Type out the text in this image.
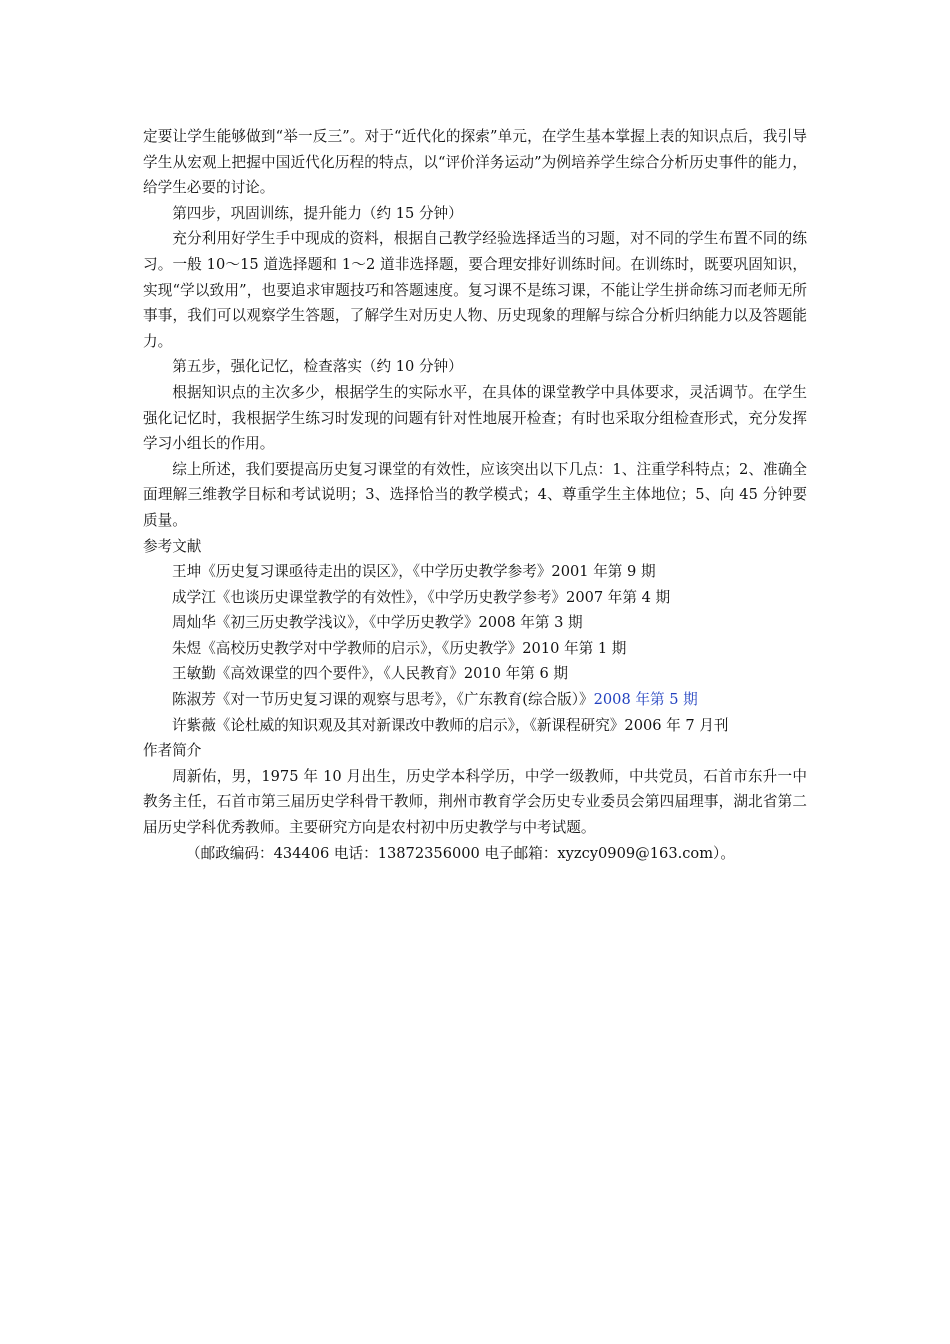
定要让学生能够做到“举一反三”。对于“近代化的探索”单元，在学生基本掌握上表的知识点后，我引导学生从宏观上把握中国近代化历程的特点，以“评价洋务运动”为例培养学生综合分析历史事件的能力，给学生必要的讨论。

第四步，巩固训练，提升能力（约 15 分钟）

充分利用好学生手中现成的资料，根据自己教学经验选择适当的习题，对不同的学生布置不同的练习。一般 10～15 道选择题和 1～2 道非选择题，要合理安排好训练时间。在训练时，既要巩固知识，实现“学以致用”，也要追求审题技巧和答题速度。复习课不是练习课，不能让学生拼命练习而老师无所事事，我们可以观察学生答题，了解学生对历史人物、历史现象的理解与综合分析归纳能力以及答题能力。

第五步，强化记忆，检查落实（约 10 分钟）

根据知识点的主次多少，根据学生的实际水平，在具体的课堂教学中具体要求，灵活调节。在学生强化记忆时，我根据学生练习时发现的问题有针对性地展开检查；有时也采取分组检查形式，充分发挥学习小组长的作用。

综上所述，我们要提高历史复习课堂的有效性，应该突出以下几点：1、注重学科特点；2、准确全面理解三维教学目标和考试说明；3、选择恰当的教学模式；4、尊重学生主体地位；5、向 45 分钟要质量。

参考文献

王坤《历史复习课亟待走出的误区》，《中学历史教学参考》2001 年第 9 期

成学江《也谈历史课堂教学的有效性》，《中学历史教学参考》2007 年第 4 期

周灿华《初三历史教学浅议》，《中学历史教学》2008 年第 3 期

朱煜《高校历史教学对中学教师的启示》，《历史教学》2010 年第 1 期

王敏勤《高效课堂的四个要件》，《人民教育》2010 年第 6 期

陈淑芳《对一节历史复习课的观察与思考》，《广东教育(综合版）》2008 年第 5 期

许紫薇《论杜威的知识观及其对新课改中教师的启示》，《新课程研究》2006 年 7 月刊

作者简介

周新佑，男，1975 年 10 月出生，历史学本科学历，中学一级教师，中共党员，石首市东升一中教务主任，石首市第三届历史学科骨干教师，荆州市教育学会历史专业委员会第四届理事，湖北省第二届历史学科优秀教师。主要研究方向是农村初中历史教学与中考试题。

（邮政编码：434406 电话：13872356000 电子邮箱：xyzcy0909@163.com）。
